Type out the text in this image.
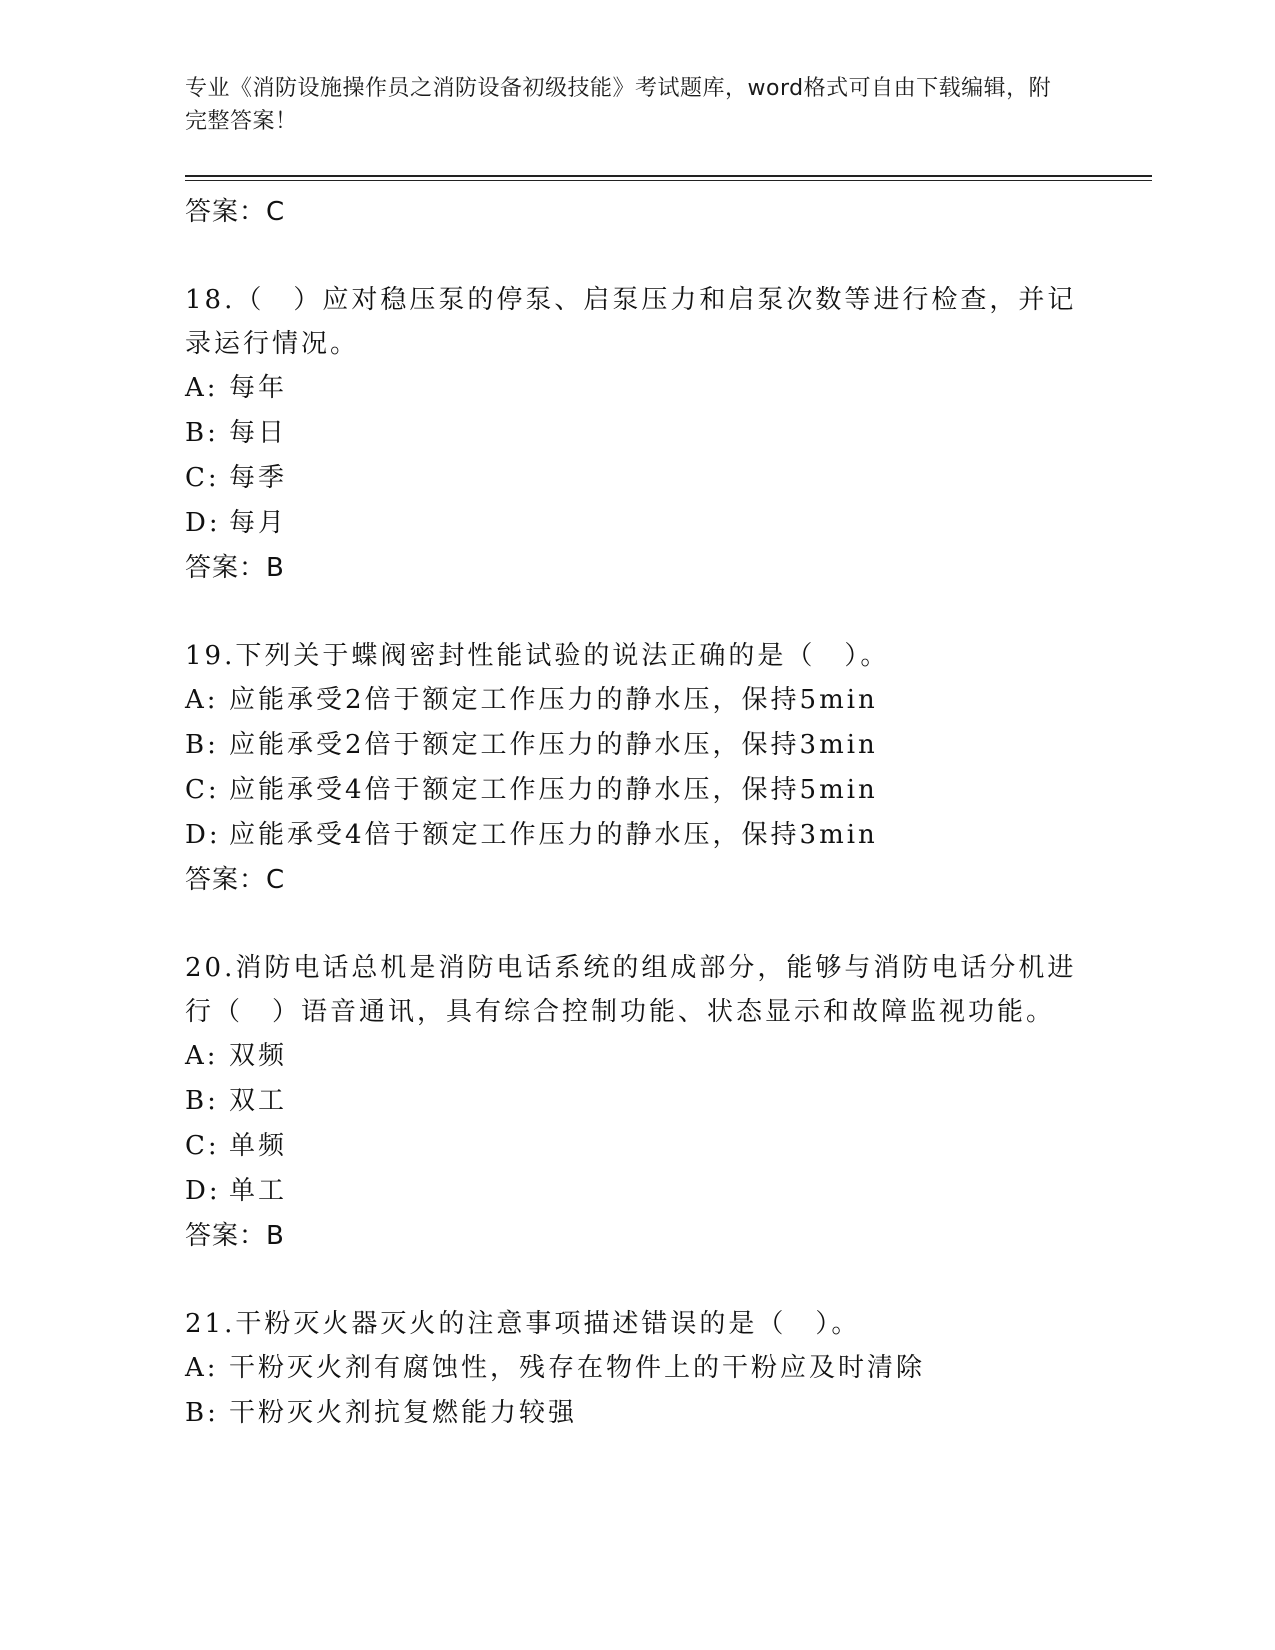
专业《消防设施操作员之消防设备初级技能》考试题库，word格式可自由下载编辑，附完整答案！
答案：C
18.（　）应对稳压泵的停泵、启泵压力和启泵次数等进行检查，并记录运行情况。
A: 每年
B: 每日
C: 每季
D: 每月
答案：B
19.下列关于蝶阀密封性能试验的说法正确的是（　）。
A: 应能承受2倍于额定工作压力的静水压，保持5min
B: 应能承受2倍于额定工作压力的静水压，保持3min
C: 应能承受4倍于额定工作压力的静水压，保持5min
D: 应能承受4倍于额定工作压力的静水压，保持3min
答案：C
20.消防电话总机是消防电话系统的组成部分，能够与消防电话分机进行（　）语音通讯，具有综合控制功能、状态显示和故障监视功能。
A: 双频
B: 双工
C: 单频
D: 单工
答案：B
21.干粉灭火器灭火的注意事项描述错误的是（　）。
A: 干粉灭火剂有腐蚀性，残存在物件上的干粉应及时清除
B: 干粉灭火剂抗复燃能力较强
